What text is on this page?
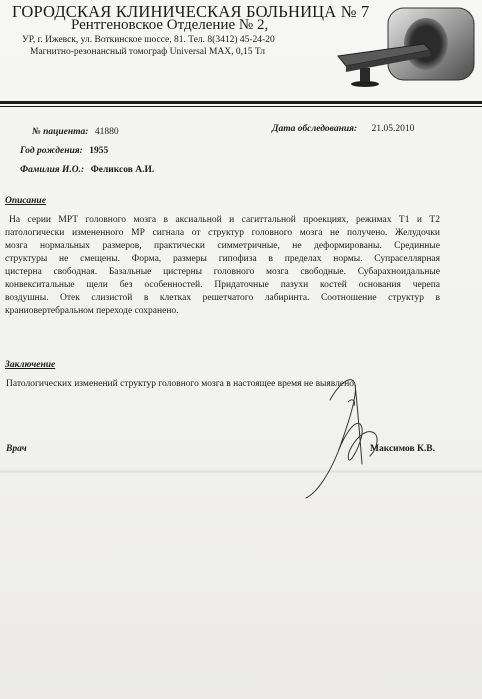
ГОРОДСКАЯ КЛИНИЧЕСКАЯ БОЛЬНИЦА № 7
Рентгеновское Отделение № 2,
УР, г. Ижевск, ул. Воткинское шоссе, 81. Тел. 8(3412) 45-24-20
Магнитно-резонансный томограф Universal MAX, 0,15 Тл
№ пациента: 41880	Дата обследования: 21.05.2010
Год рождения: 1955
Фамилия И.О.: Феликсов А.И.
Описание
На серии МРТ головного мозга в аксиальной и сагиттальной проекциях, режимах Т1 и Т2
патологически измененного МР сигнала от структур головного мозга не получено. Желудочки
мозга нормальных размеров, практически симметричные, не деформированы. Срединные
структуры не смещены. Форма, размеры гипофиза в пределах нормы. Супраселлярная
цистерна свободная. Базальные цистерны головного мозга свободные. Субарахноидальные
конвекситальные щели без особенностей. Придаточные пазухи костей основания черепа
воздушны. Отек слизистой в клетках решетчатого лабиринта. Соотношение структур в
краниовертебральном переходе сохранено.
Заключение
Патологических изменений структур головного мозга в настоящее время не выявлено.
Врач	Максимов К.В.
